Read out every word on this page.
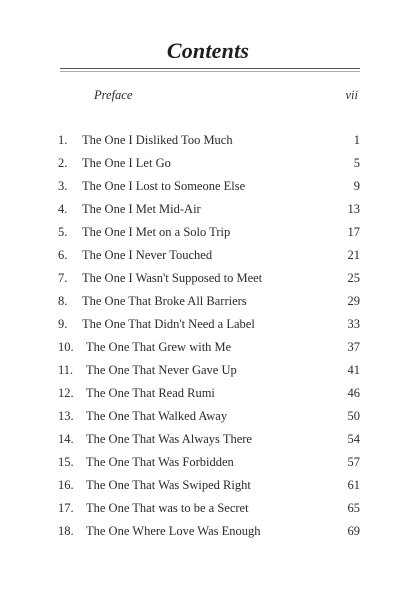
Contents
Preface	vii
1. The One I Disliked Too Much	1
2. The One I Let Go	5
3. The One I Lost to Someone Else	9
4. The One I Met Mid-Air	13
5. The One I Met on a Solo Trip	17
6. The One I Never Touched	21
7. The One I Wasn't Supposed to Meet	25
8. The One That Broke All Barriers	29
9. The One That Didn't Need a Label	33
10. The One That Grew with Me	37
11. The One That Never Gave Up	41
12. The One That Read Rumi	46
13. The One That Walked Away	50
14. The One That Was Always There	54
15. The One That Was Forbidden	57
16. The One That Was Swiped Right	61
17. The One That was to be a Secret	65
18. The One Where Love Was Enough	69
